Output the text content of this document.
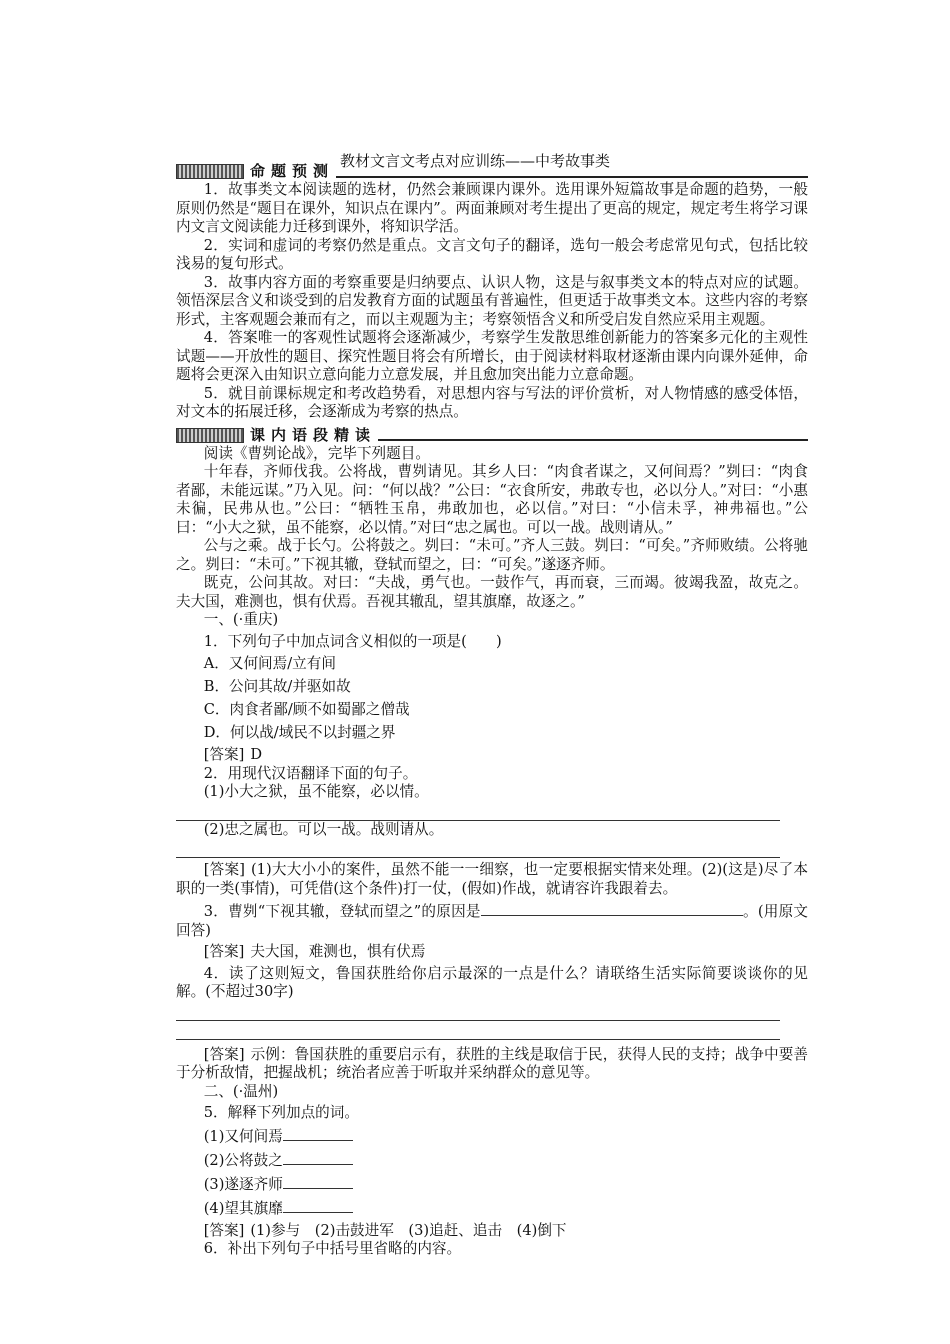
教材文言文考点对应训练——中考故事类
命题预测

1．故事类文本阅读题的选材，仍然会兼顾课内课外。选用课外短篇故事是命题的趋势，一般原则仍然是“题目在课外，知识点在课内”。两面兼顾对考生提出了更高的规定，规定考生将学习课内文言文阅读能力迁移到课外，将知识学活。

2．实词和虚词的考察仍然是重点。文言文句子的翻译，选句一般会考虑常见句式，包括比较浅易的复句形式。

3．故事内容方面的考察重要是归纳要点、认识人物，这是与叙事类文本的特点对应的试题。领悟深层含义和谈受到的启发教育方面的试题虽有普遍性，但更适于故事类文本。这些内容的考察形式，主客观题会兼而有之，而以主观题为主；考察领悟含义和所受启发自然应采用主观题。

4．答案唯一的客观性试题将会逐渐减少，考察学生发散思维创新能力的答案多元化的主观性试题——开放性的题目、探究性题目将会有所增长，由于阅读材料取材逐渐由课内向课外延伸，命题将会更深入由知识立意向能力立意发展，并且愈加突出能力立意命题。

5．就目前课标规定和考改趋势看，对思想内容与写法的评价赏析，对人物情感的感受体悟，对文本的拓展迁移，会逐渐成为考察的热点。

课内语段精读

阅读《曹刿论战》，完毕下列题目。

十年春，齐师伐我。公将战，曹刿请见。其乡人曰：“肉食者谋之，又何间焉？”刿曰：“肉食者鄙，未能远谋。”乃入见。问：“何以战？”公曰：“衣食所安，弗敢专也，必以分人。”对曰：“小惠未徧，民弗从也。”公曰：“牺牲玉帛，弗敢加也，必以信。”对曰：“小信未孚，神弗福也。”公曰：“小大之狱，虽不能察，必以情。”对曰“忠之属也。可以一战。战则请从。”

公与之乘。战于长勺。公将鼓之。刿曰：“未可。”齐人三鼓。刿曰：“可矣。”齐师败绩。公将驰之。刿曰：“未可。”下视其辙，登轼而望之，曰：“可矣。”遂逐齐师。

既克，公问其故。对曰：“夫战，勇气也。一鼓作气，再而衰，三而竭。彼竭我盈，故克之。夫大国，难测也，惧有伏焉。吾视其辙乱，望其旗靡，故逐之。”

一、(·重庆)

1．下列句子中加点词含义相似的一项是(　　)

A．又何间焉/立有间

B．公问其故/并驱如故

C．肉食者鄙/顾不如蜀鄙之僧哉

D．何以战/域民不以封疆之界

[答案] D

2．用现代汉语翻译下面的句子。

(1)小大之狱，虽不能察，必以情。

(2)忠之属也。可以一战。战则请从。

[答案] (1)大大小小的案件，虽然不能一一细察，也一定要根据实情来处理。(2)(这是)尽了本职的一类(事情)，可凭借(这个条件)打一仗，(假如)作战，就请容许我跟着去。

3．曹刿“下视其辙，登轼而望之”的原因是	。(用原文回答)

[答案] 夫大国，难测也，惧有伏焉

4．读了这则短文，鲁国获胜给你启示最深的一点是什么？请联络生活实际简要谈谈你的见解。(不超过30字)

[答案] 示例：鲁国获胜的重要启示有，获胜的主线是取信于民，获得人民的支持；战争中要善于分析敌情，把握战机；统治者应善于听取并采纳群众的意见等。

二、(·温州)

5．解释下列加点的词。

(1)又何间焉

(2)公将鼓之

(3)遂逐齐师

(4)望其旗靡

[答案] (1)参与　(2)击鼓进军　(3)追赶、追击　(4)倒下

6．补出下列句子中括号里省略的内容。
